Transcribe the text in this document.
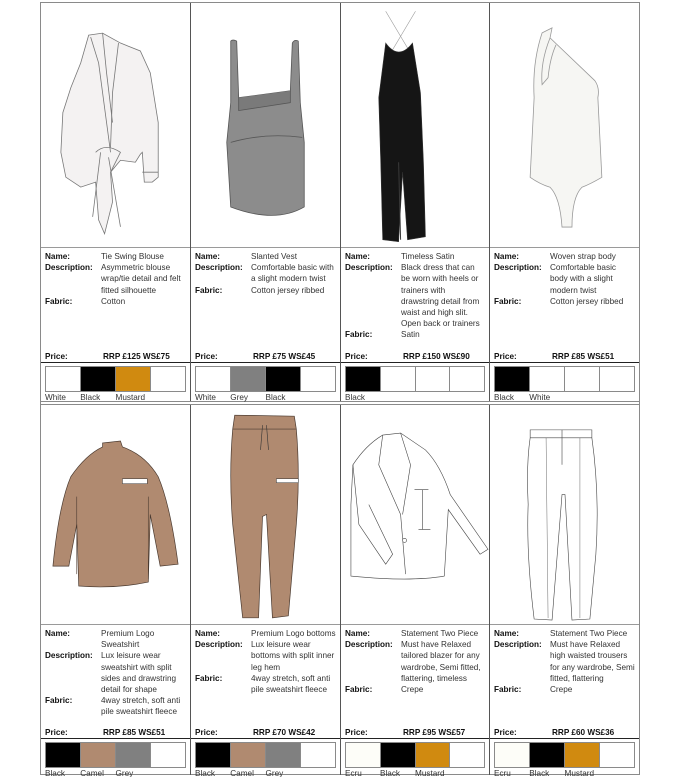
Name:	Tie Swing Blouse
Description:	Asymmetric blouse wrap/tie detail and felt fitted silhouette
Fabric:	Cotton
Price:	RRP £125 WS£75
White	Black	Mustard
Name:	Slanted Vest
Description:	Comfortable basic with a slight modern twist
Fabric:	Cotton jersey ribbed
Price:	RRP £75 WS£45
White	Grey	Black
Name:	Timeless Satin
Description:	Black dress that can be worn with heels or trainers with drawstring detail from waist and high slit. Open back or trainers
Fabric:	Satin
Price:	RRP £150 WS£90
Black
Name:	Woven strap body
Description:	Comfortable basic body with a slight modern twist
Fabric:	Cotton jersey ribbed
Price:	RRP £85 WS£51
Black	White
Name:	Premium Logo Sweatshirt
Description:	Lux leisure wear sweatshirt with split sides and drawstring detail for shape
Fabric:	4way stretch, soft anti pile sweatshirt fleece
Price:	RRP £85 WS£51
Black	Camel	Grey
Name:	Premium Logo bottoms
Description:	Lux leisure wear bottoms with split inner leg hem
Fabric:	4way stretch, soft anti pile sweatshirt fleece
Price:	RRP £70 WS£42
Black	Camel	Grey
Name:	Statement Two Piece
Description:	Must have Relaxed tailored blazer for any wardrobe, Semi fitted, flattering, timeless
Fabric:	Crepe
Price:	RRP £95 WS£57
Ecru	Black	Mustard
Name:	Statement Two Piece
Description:	Must have Relaxed high waisted trousers for any wardrobe, Semi fitted, flattering
Fabric:	Crepe
Price:	RRP £60 WS£36
Ecru	Black	Mustard
